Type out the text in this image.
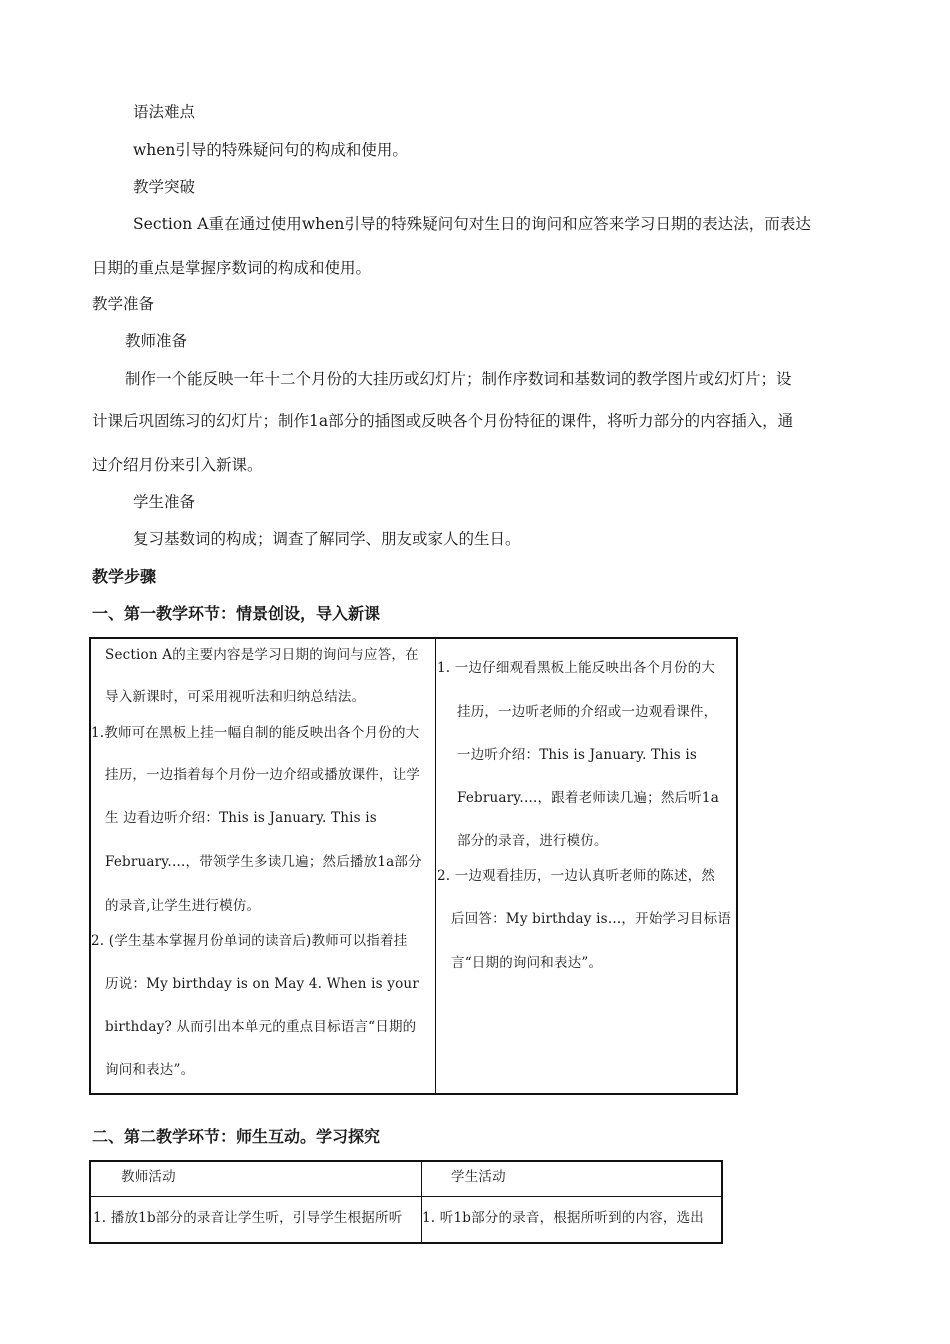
语法难点
when引导的特殊疑问句的构成和使用。
教学突破
Section A重在通过使用when引导的特殊疑问句对生日的询问和应答来学习日期的表达法，而表达
日期的重点是掌握序数词的构成和使用。
教学准备
教师准备
制作一个能反映一年十二个月份的大挂历或幻灯片；制作序数词和基数词的教学图片或幻灯片；设
计课后巩固练习的幻灯片；制作1a部分的插图或反映各个月份特征的课件，将听力部分的内容插入，通
过介绍月份来引入新课。
学生准备
复习基数词的构成；调查了解同学、朋友或家人的生日。
教学步骤
一、第一教学环节：情景创设，导入新课
Section A的主要内容是学习日期的询问与应答，在
导入新课时，可采用视听法和归纳总结法。
1.教师可在黑板上挂一幅自制的能反映出各个月份的大
挂历，一边指着每个月份一边介绍或播放课件，让学
生 边看边听介绍：This is January. This is
February.…，带领学生多读几遍；然后播放1a部分
的录音,让学生进行模仿。
2. (学生基本掌握月份单词的读音后)教师可以指着挂
历说：My birthday is on May 4. When is your
birthday? 从而引出本单元的重点目标语言“日期的
询问和表达”。
1. 一边仔细观看黑板上能反映出各个月份的大
挂历，一边听老师的介绍或一边观看课件，
一边听介绍：This is January. This is
February.…，跟着老师读几遍；然后听1a
部分的录音，进行模仿。
2. 一边观看挂历，一边认真听老师的陈述，然
后回答：My birthday is…，开始学习目标语
言“日期的询问和表达”。
二、第二教学环节：师生互动。学习探究
教师活动	学生活动
1. 播放1b部分的录音让学生听，引导学生根据所听 1. 听1b部分的录音，根据所听到的内容，选出
